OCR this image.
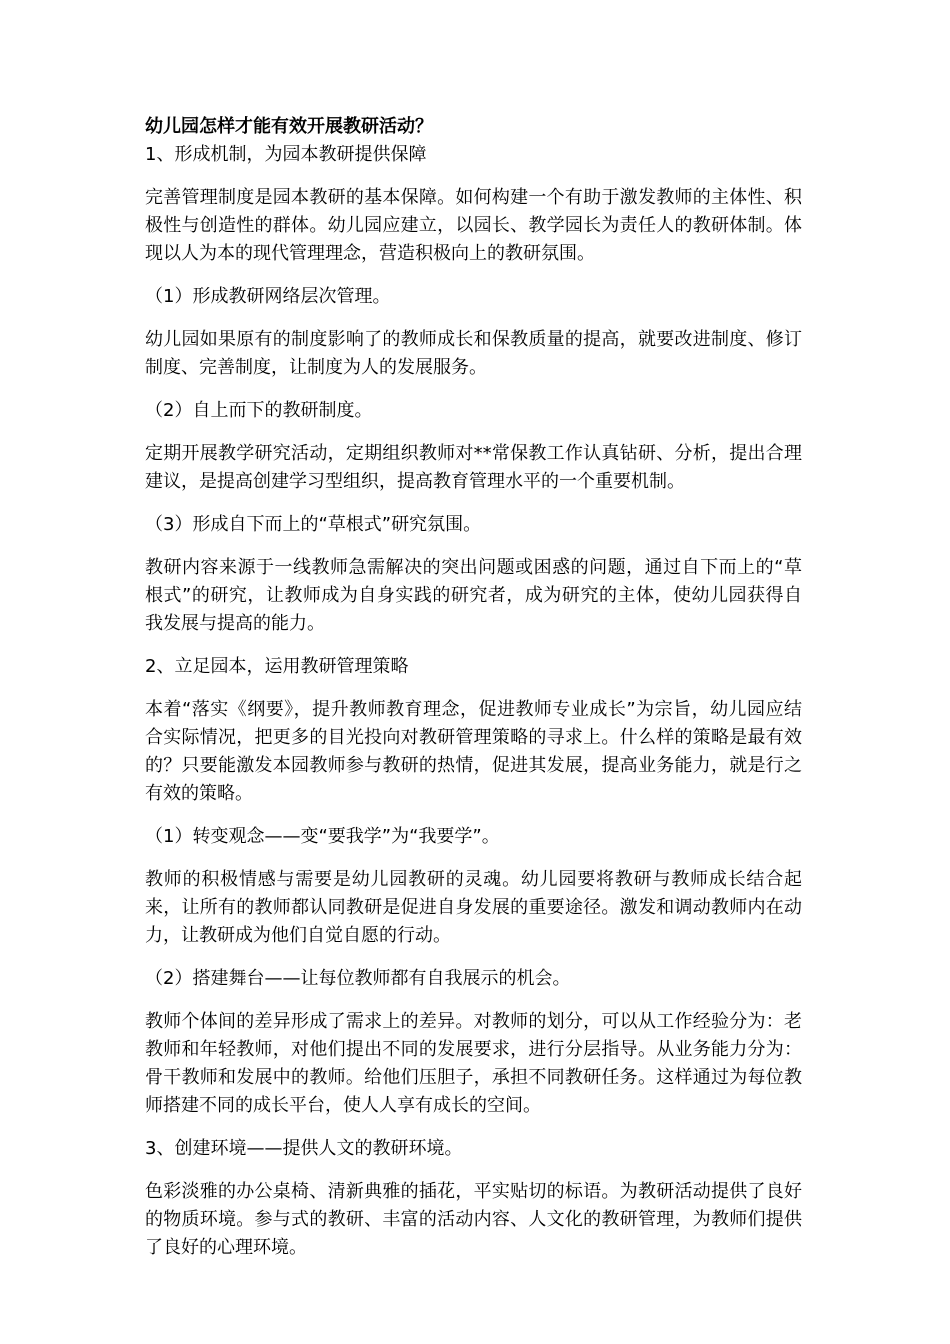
幼儿园怎样才能有效开展教研活动？
1、形成机制，为园本教研提供保障
完善管理制度是园本教研的基本保障。如何构建一个有助于激发教师的主体性、积极性与创造性的群体。幼儿园应建立，以园长、教学园长为责任人的教研体制。体现以人为本的现代管理理念，营造积极向上的教研氛围。
（1）形成教研网络层次管理。
幼儿园如果原有的制度影响了的教师成长和保教质量的提高，就要改进制度、修订制度、完善制度，让制度为人的发展服务。
（2）自上而下的教研制度。
定期开展教学研究活动，定期组织教师对**常保教工作认真钻研、分析，提出合理建议，是提高创建学习型组织，提高教育管理水平的一个重要机制。
（3）形成自下而上的“草根式”研究氛围。
教研内容来源于一线教师急需解决的突出问题或困惑的问题，通过自下而上的“草根式”的研究，让教师成为自身实践的研究者，成为研究的主体，使幼儿园获得自我发展与提高的能力。
2、立足园本，运用教研管理策略
本着“落实《纲要》，提升教师教育理念，促进教师专业成长”为宗旨，幼儿园应结合实际情况，把更多的目光投向对教研管理策略的寻求上。什么样的策略是最有效的？只要能激发本园教师参与教研的热情，促进其发展，提高业务能力，就是行之有效的策略。
（1）转变观念——变“要我学”为“我要学”。
教师的积极情感与需要是幼儿园教研的灵魂。幼儿园要将教研与教师成长结合起来，让所有的教师都认同教研是促进自身发展的重要途径。激发和调动教师内在动力，让教研成为他们自觉自愿的行动。
（2）搭建舞台——让每位教师都有自我展示的机会。
教师个体间的差异形成了需求上的差异。对教师的划分，可以从工作经验分为：老教师和年轻教师，对他们提出不同的发展要求，进行分层指导。从业务能力分为：骨干教师和发展中的教师。给他们压胆子，承担不同教研任务。这样通过为每位教师搭建不同的成长平台，使人人享有成长的空间。
3、创建环境——提供人文的教研环境。
色彩淡雅的办公桌椅、清新典雅的插花，平实贴切的标语。为教研活动提供了良好的物质环境。参与式的教研、丰富的活动内容、人文化的教研管理，为教师们提供了良好的心理环境。
